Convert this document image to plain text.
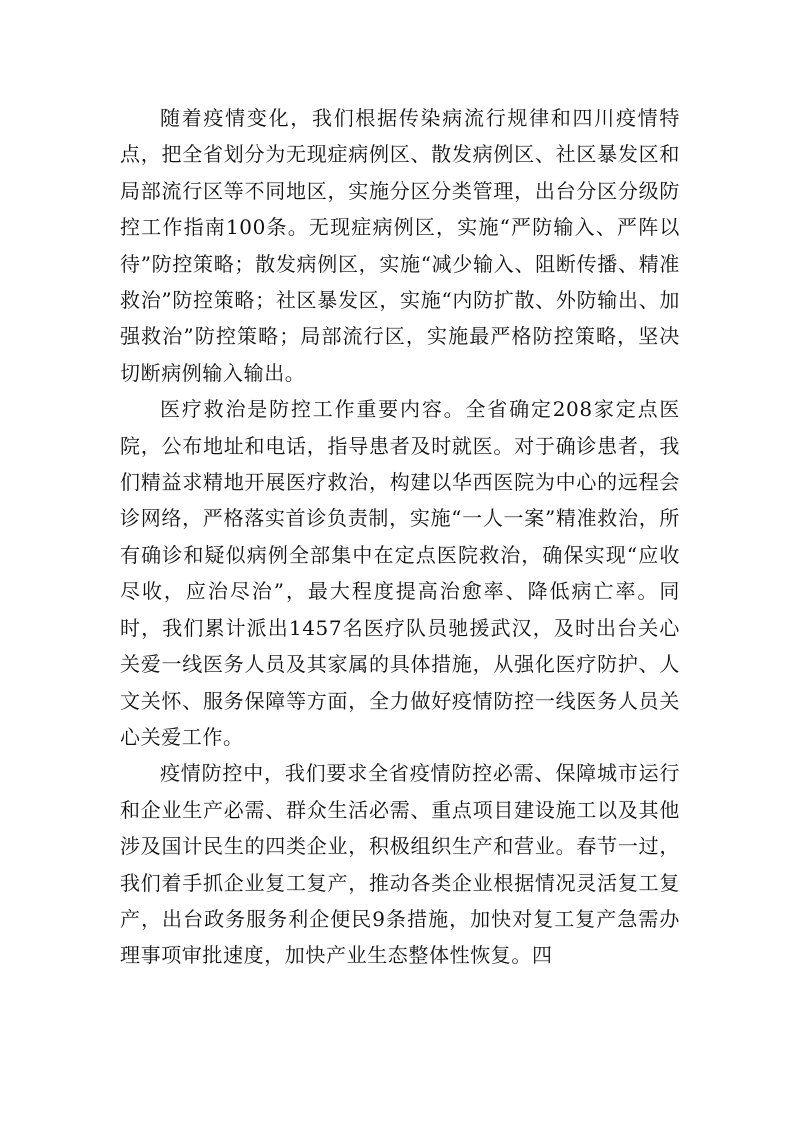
随着疫情变化，我们根据传染病流行规律和四川疫情特点，把全省划分为无现症病例区、散发病例区、社区暴发区和局部流行区等不同地区，实施分区分类管理，出台分区分级防控工作指南100条。无现症病例区，实施“严防输入、严阵以待”防控策略；散发病例区，实施“减少输入、阻断传播、精准救治”防控策略；社区暴发区，实施“内防扩散、外防输出、加强救治”防控策略；局部流行区，实施最严格防控策略，坚决切断病例输入输出。

医疗救治是防控工作重要内容。全省确定208家定点医院，公布地址和电话，指导患者及时就医。对于确诊患者，我们精益求精地开展医疗救治，构建以华西医院为中心的远程会诊网络，严格落实首诊负责制，实施“一人一案”精准救治，所有确诊和疑似病例全部集中在定点医院救治，确保实现“应收尽收，应治尽治”，最大程度提高治愈率、降低病亡率。同时，我们累计派出1457名医疗队员驰援武汉，及时出台关心关爱一线医务人员及其家属的具体措施，从强化医疗防护、人文关怀、服务保障等方面，全力做好疫情防控一线医务人员关心关爱工作。

疫情防控中，我们要求全省疫情防控必需、保障城市运行和企业生产必需、群众生活必需、重点项目建设施工以及其他涉及国计民生的四类企业，积极组织生产和营业。春节一过，我们着手抓企业复工复产，推动各类企业根据情况灵活复工复产，出台政务服务利企便民9条措施，加快对复工复产急需办理事项审批速度，加快产业生态整体性恢复。四
